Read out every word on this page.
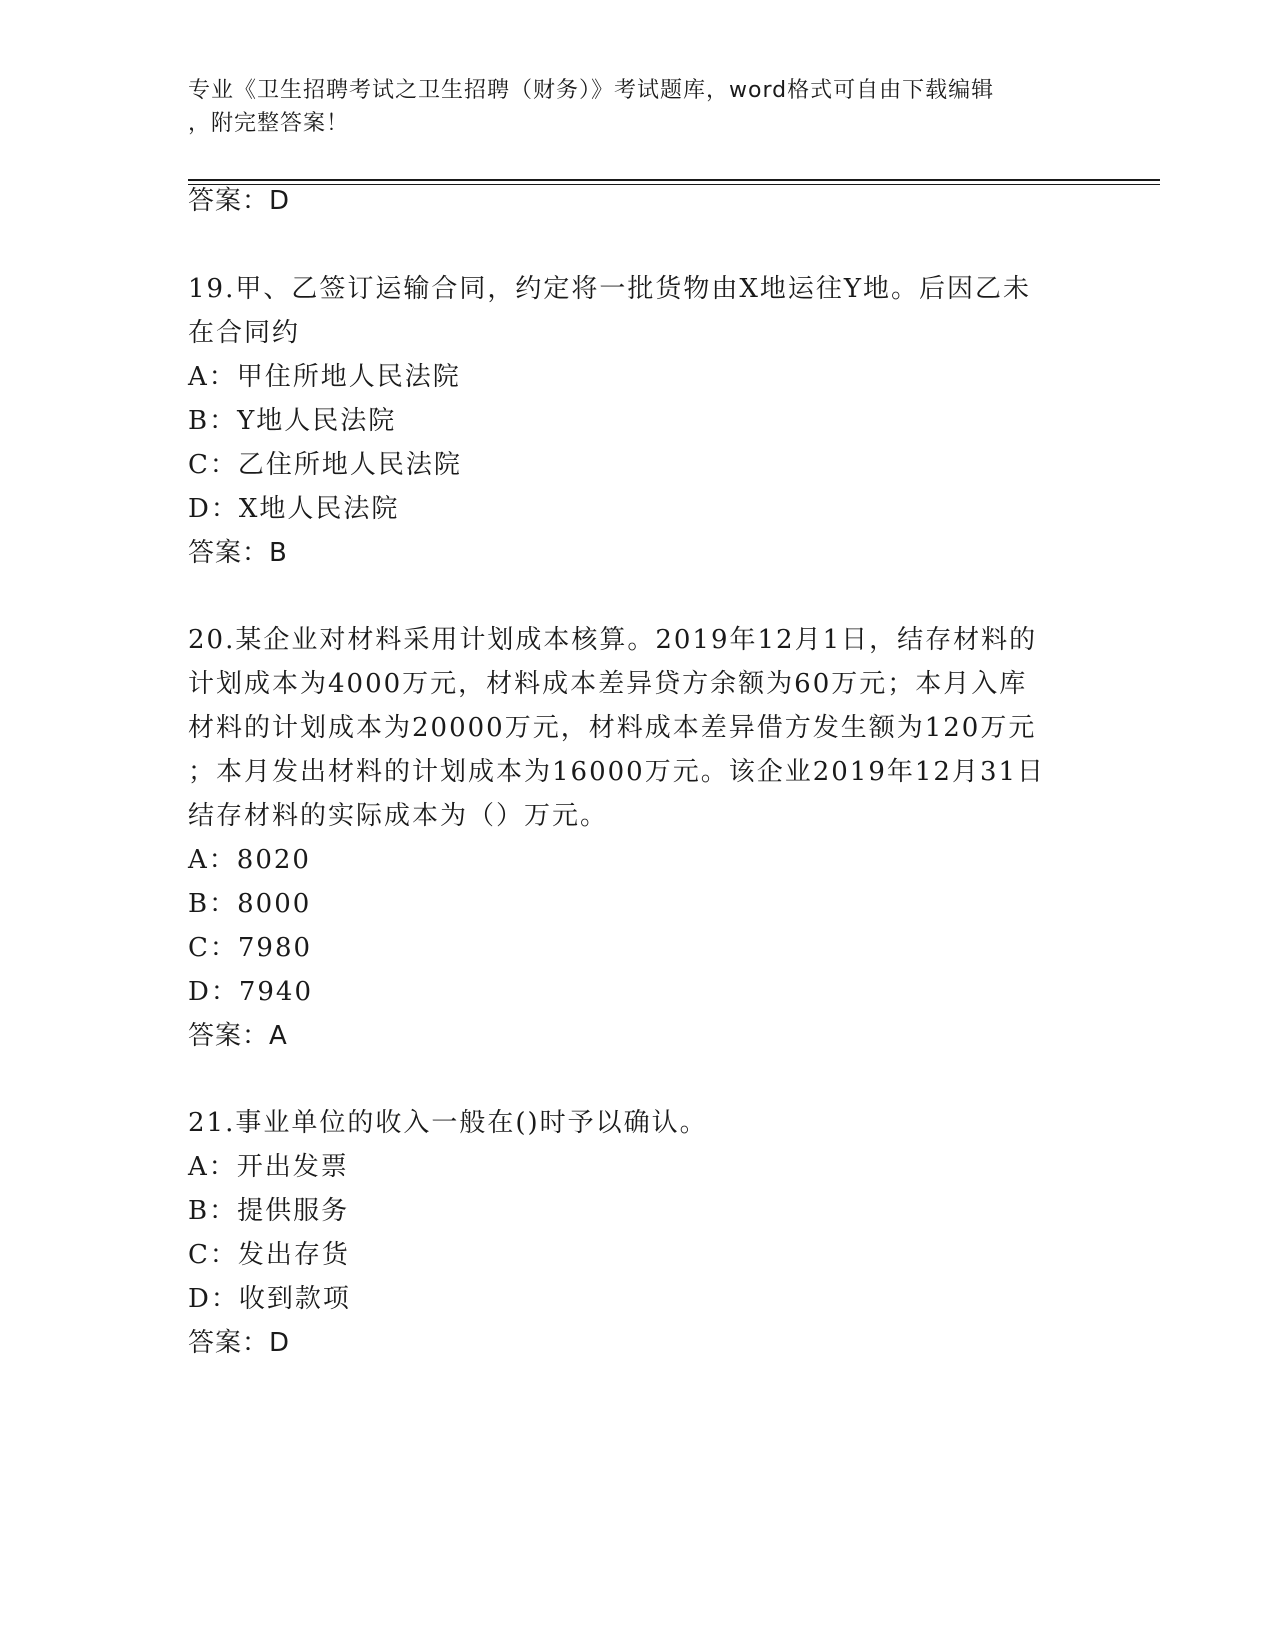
专业《卫生招聘考试之卫生招聘（财务）》考试题库，word格式可自由下载编辑
，附完整答案！
答案：D
19.甲、乙签订运输合同，约定将一批货物由X地运往Y地。后因乙未
在合同约
A：甲住所地人民法院
B：Y地人民法院
C：乙住所地人民法院
D：X地人民法院
答案：B
20.某企业对材料采用计划成本核算。2019年12月1日，结存材料的
计划成本为4000万元，材料成本差异贷方余额为60万元；本月入库
材料的计划成本为20000万元，材料成本差异借方发生额为120万元
；本月发出材料的计划成本为16000万元。该企业2019年12月31日
结存材料的实际成本为（）万元。
A：8020
B：8000
C：7980
D：7940
答案：A
21.事业单位的收入一般在()时予以确认。
A：开出发票
B：提供服务
C：发出存货
D：收到款项
答案：D
